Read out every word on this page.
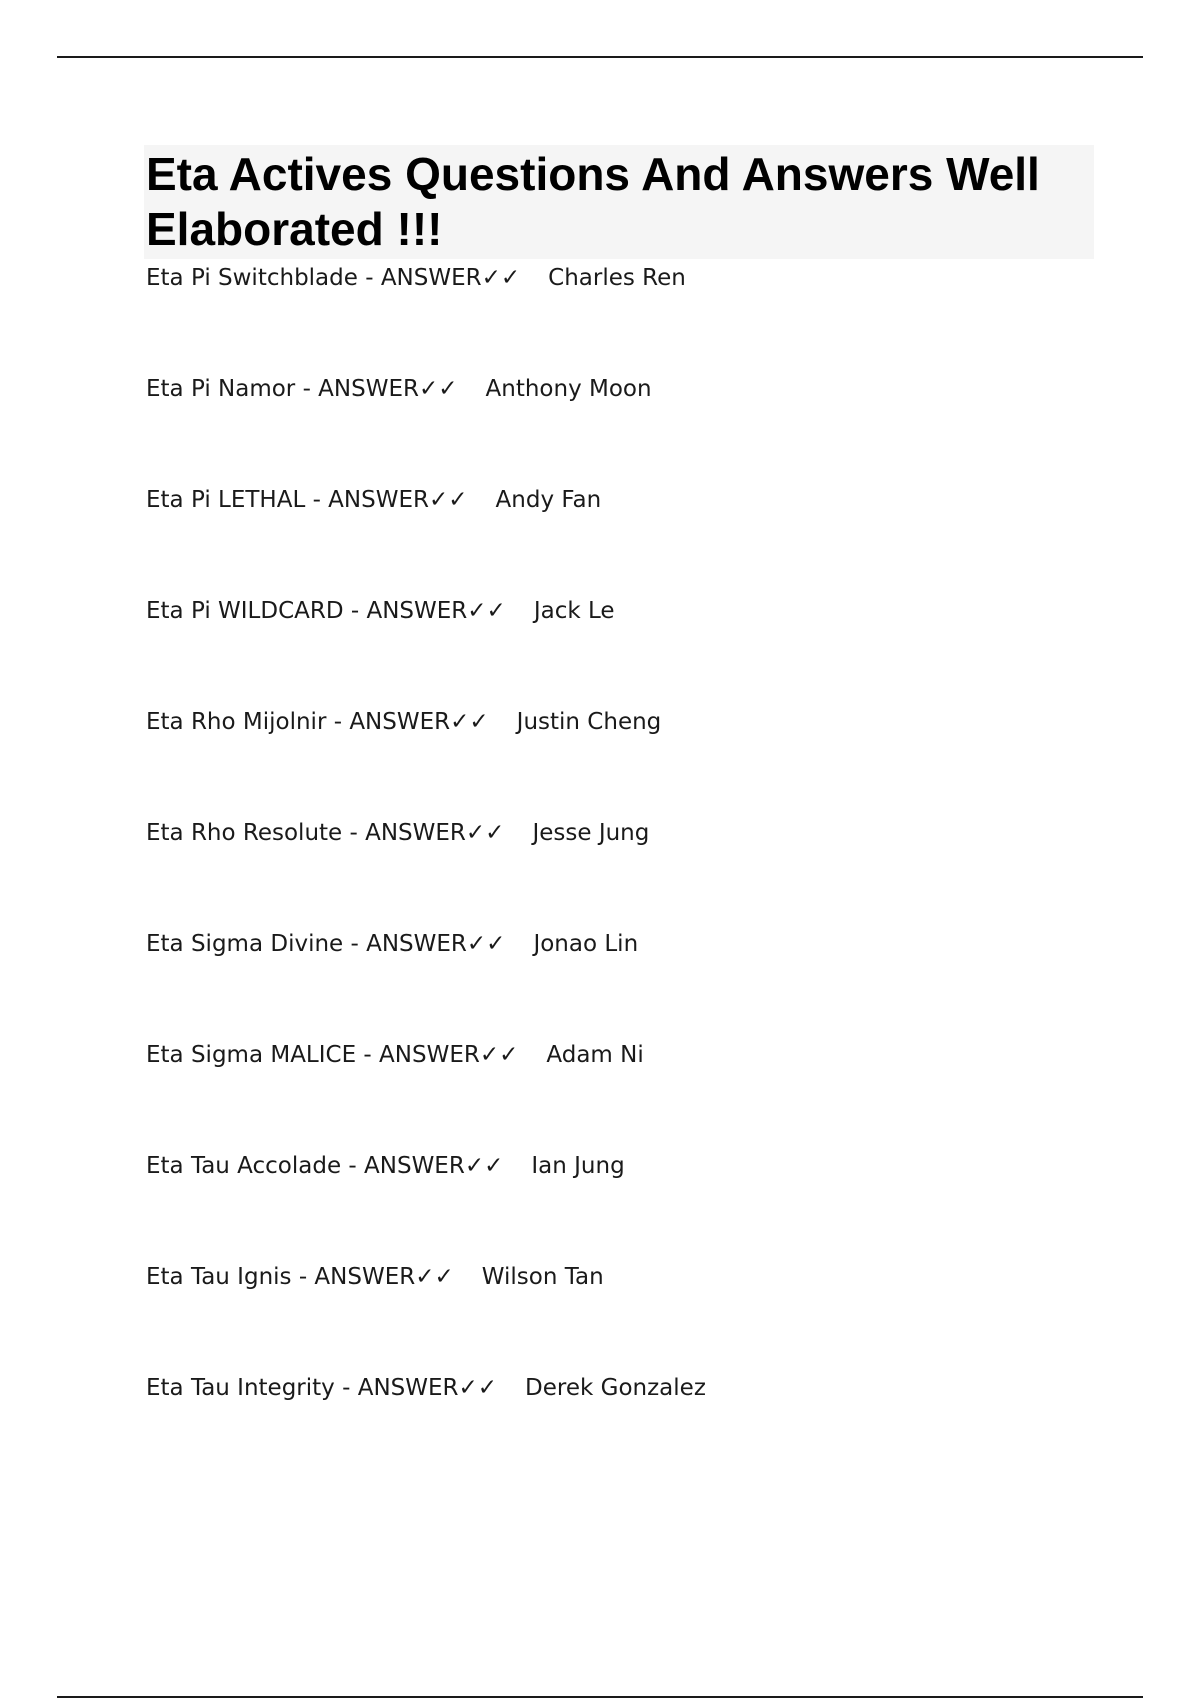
Eta Actives Questions And Answers Well Elaborated !!!
Eta Pi Switchblade - ANSWER✓✓ Charles Ren
Eta Pi Namor - ANSWER✓✓ Anthony Moon
Eta Pi LETHAL - ANSWER✓✓ Andy Fan
Eta Pi WILDCARD - ANSWER✓✓ Jack Le
Eta Rho Mijolnir - ANSWER✓✓ Justin Cheng
Eta Rho Resolute - ANSWER✓✓ Jesse Jung
Eta Sigma Divine - ANSWER✓✓ Jonao Lin
Eta Sigma MALICE - ANSWER✓✓ Adam Ni
Eta Tau Accolade - ANSWER✓✓ Ian Jung
Eta Tau Ignis - ANSWER✓✓ Wilson Tan
Eta Tau Integrity - ANSWER✓✓ Derek Gonzalez
